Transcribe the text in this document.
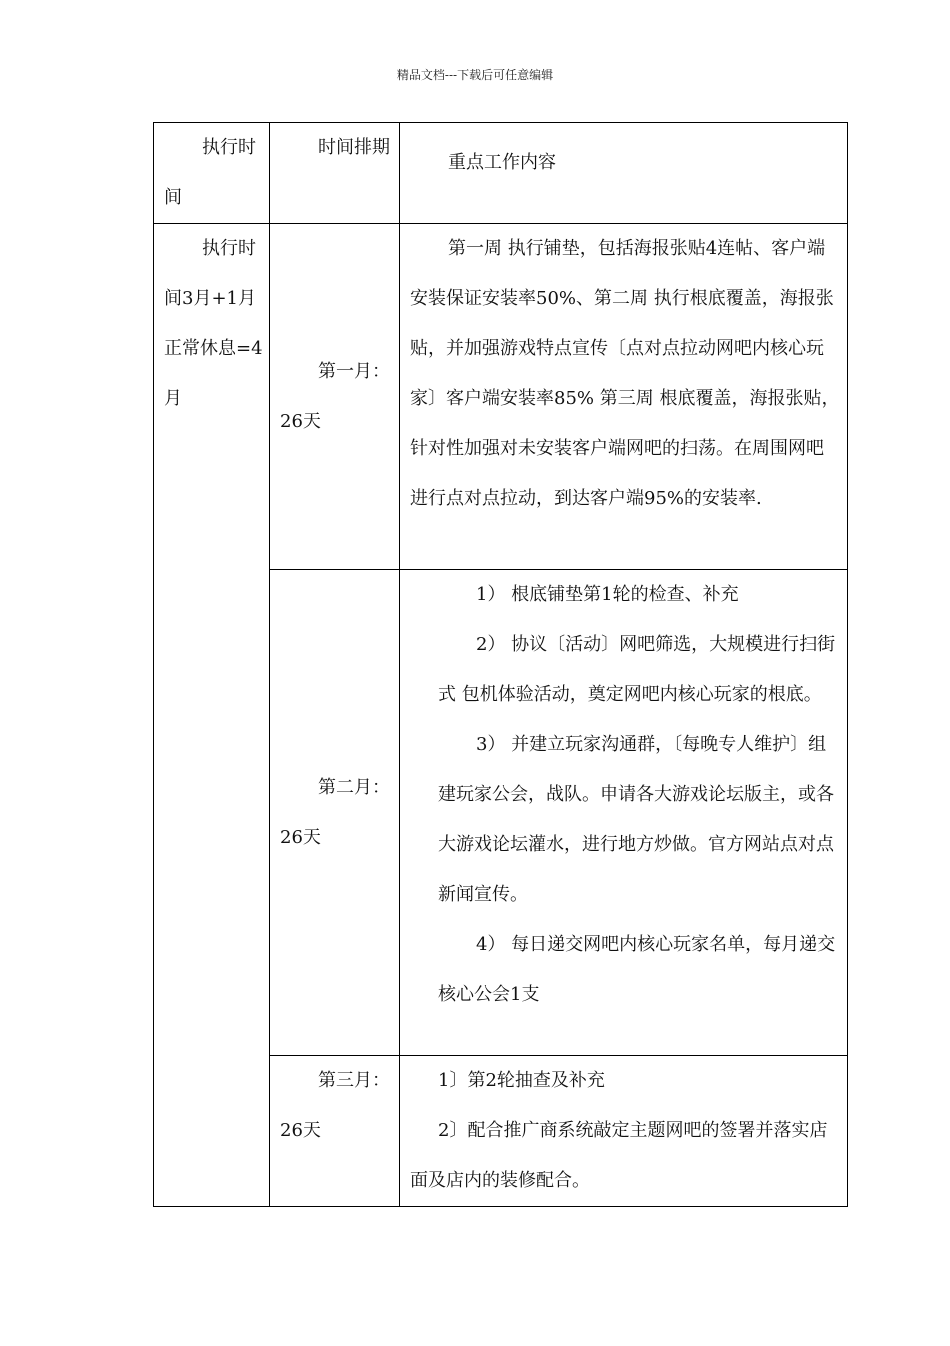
精品文档---下载后可任意编辑
执行时间	时间排期	重点工作内容

执行时间3月+1月正常休息=4月	第一月：26天	第一周 执行铺垫，包括海报张贴4连帖、客户端安装保证安装率50%、第二周 执行根底覆盖，海报张贴，并加强游戏特点宣传〔点对点拉动网吧内核心玩家〕客户端安装率85% 第三周 根底覆盖，海报张贴，针对性加强对未安装客户端网吧的扫荡。在周围网吧进行点对点拉动，到达客户端95%的安装率.

	第二月：26天	1） 根底铺垫第1轮的检查、补充

2） 协议〔活动〕网吧筛选，大规模进行扫街式 包机体验活动，奠定网吧内核心玩家的根底。

3） 并建立玩家沟通群，〔每晚专人维护〕组建玩家公会，战队。申请各大游戏论坛版主，或各大游戏论坛灌水，进行地方炒做。官方网站点对点新闻宣传。

4） 每日递交网吧内核心玩家名单，每月递交核心公会1支

	第三月：26天	1〕第2轮抽查及补充

2〕配合推广商系统敲定主题网吧的签署并落实店面及店内的装修配合。
